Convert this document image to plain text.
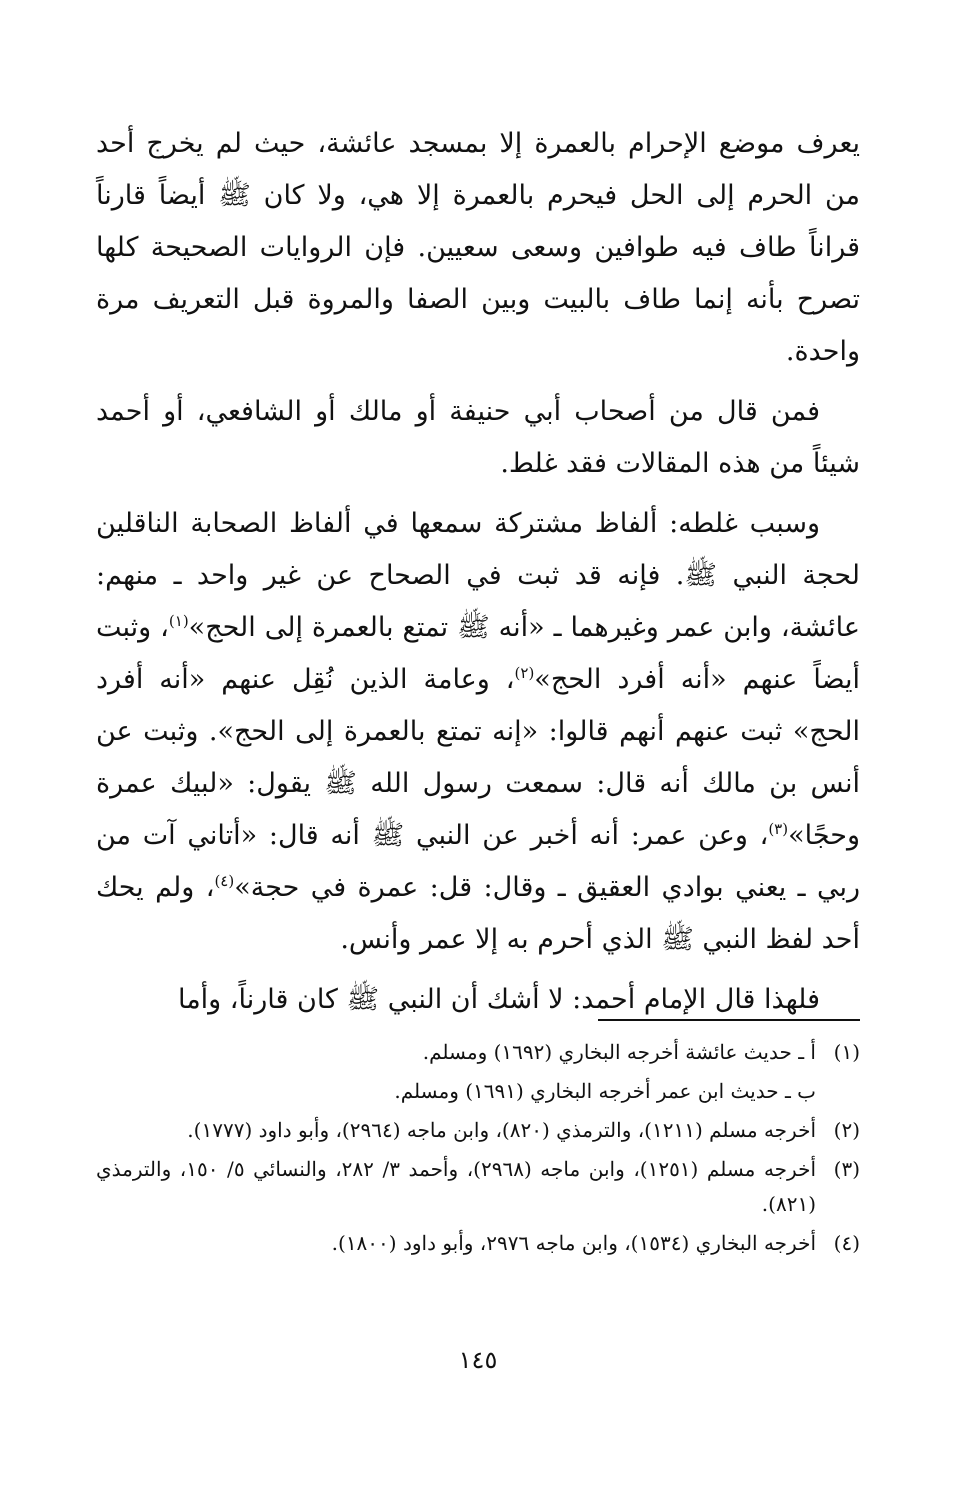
يعرف موضع الإحرام بالعمرة إلا بمسجد عائشة، حيث لم يخرج أحد من الحرم إلى الحل فيحرم بالعمرة إلا هي، ولا كان ﷺ أيضاً قارناً قراناً طاف فيه طوافين وسعى سعيين. فإن الروايات الصحيحة كلها تصرح بأنه إنما طاف بالبيت وبين الصفا والمروة قبل التعريف مرة واحدة.

فمن قال من أصحاب أبي حنيفة أو مالك أو الشافعي، أو أحمد شيئاً من هذه المقالات فقد غلط.

وسبب غلطه: ألفاظ مشتركة سمعها في ألفاظ الصحابة الناقلين لحجة النبي ﷺ. فإنه قد ثبت في الصحاح عن غير واحد ـ منهم: عائشة، وابن عمر وغيرهما ـ «أنه ﷺ تمتع بالعمرة إلى الحج»$^{(١)}$، وثبت أيضاً عنهم «أنه أفرد الحج»$^{(٢)}$، وعامة الذين نُقِل عنهم «أنه أفرد الحج» ثبت عنهم أنهم قالوا: «إنه تمتع بالعمرة إلى الحج». وثبت عن أنس بن مالك أنه قال: سمعت رسول الله ﷺ يقول: «لبيك عمرة وحجًا»$^{(٣)}$، وعن عمر: أنه أخبر عن النبي ﷺ أنه قال: «أتاني آت من ربي ـ يعني بوادي العقيق ـ وقال: قل: عمرة في حجة»$^{(٤)}$، ولم يحك أحد لفظ النبي ﷺ الذي أحرم به إلا عمر وأنس.

فلهذا قال الإمام أحمد: لا أشك أن النبي ﷺ كان قارناً، وأما

(١)
أ ـ حديث عائشة أخرجه البخاري (١٦٩٢) ومسلم.
ب ـ حديث ابن عمر أخرجه البخاري (١٦٩١) ومسلم.
(٢)
أخرجه مسلم (١٢١١)، والترمذي (٨٢٠)، وابن ماجه (٢٩٦٤)، وأبو داود (١٧٧٧).
(٣)
أخرجه مسلم (١٢٥١)، وابن ماجه (٢٩٦٨)، وأحمد ٣/ ٢٨٢، والنسائي ٥/ ١٥٠، والترمذي (٨٢١).
(٤)
أخرجه البخاري (١٥٣٤)، وابن ماجه ٢٩٧٦، وأبو داود (١٨٠٠).
١٤٥
